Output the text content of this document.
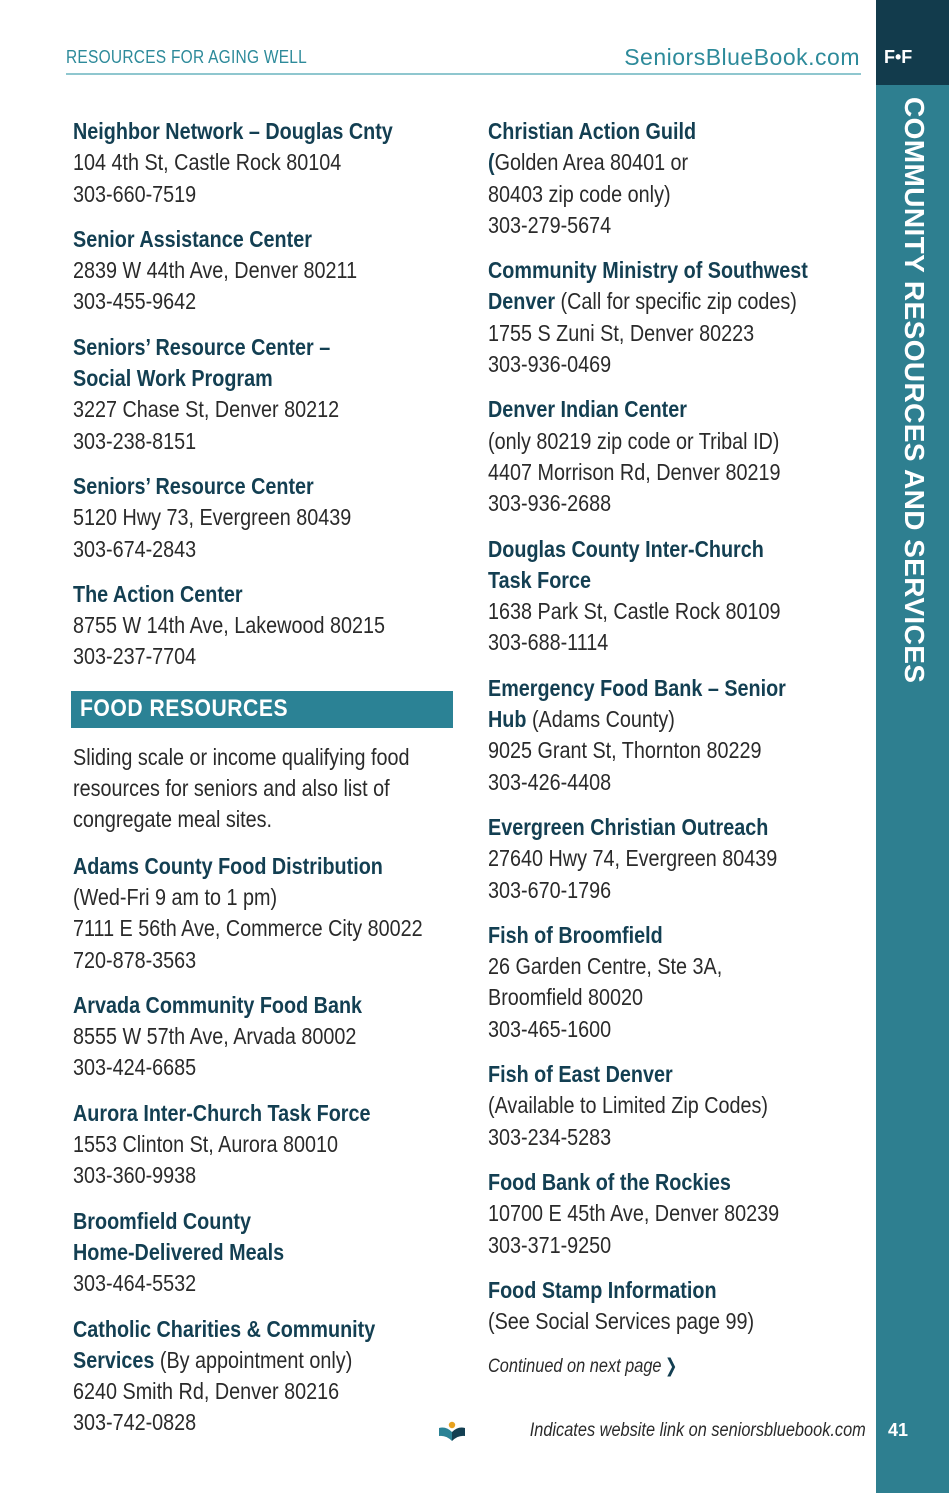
RESOURCES FOR AGING WELL	SeniorsBlueBook.com
Neighbor Network – Douglas Cnty
104 4th St, Castle Rock 80104
303-660-7519
Senior Assistance Center
2839 W 44th Ave, Denver 80211
303-455-9642
Seniors’ Resource Center –
Social Work Program
3227 Chase St, Denver 80212
303-238-8151
Seniors’ Resource Center
5120 Hwy 73, Evergreen 80439
303-674-2843
The Action Center
8755 W 14th Ave, Lakewood 80215
303-237-7704
FOOD RESOURCES
Sliding scale or income qualifying food
resources for seniors and also list of
congregate meal sites.
Adams County Food Distribution
(Wed-Fri 9 am to 1 pm)
7111 E 56th Ave, Commerce City 80022
720-878-3563
Arvada Community Food Bank
8555 W 57th Ave, Arvada 80002
303-424-6685
Aurora Inter-Church Task Force
1553 Clinton St, Aurora 80010
303-360-9938
Broomfield County
Home-Delivered Meals
303-464-5532
Catholic Charities & Community
Services (By appointment only)
6240 Smith Rd, Denver 80216
303-742-0828
Christian Action Guild
(Golden Area 80401 or
80403 zip code only)
303-279-5674
Community Ministry of Southwest
Denver (Call for specific zip codes)
1755 S Zuni St, Denver 80223
303-936-0469
Denver Indian Center
(only 80219 zip code or Tribal ID)
4407 Morrison Rd, Denver 80219
303-936-2688
Douglas County Inter-Church
Task Force
1638 Park St, Castle Rock 80109
303-688-1114
Emergency Food Bank – Senior
Hub (Adams County)
9025 Grant St, Thornton 80229
303-426-4408
Evergreen Christian Outreach
27640 Hwy 74, Evergreen 80439
303-670-1796
Fish of Broomfield
26 Garden Centre, Ste 3A,
Broomfield 80020
303-465-1600
Fish of East Denver
(Available to Limited Zip Codes)
303-234-5283
Food Bank of the Rockies
10700 E 45th Ave, Denver 80239
303-371-9250
Food Stamp Information
(See Social Services page 99)
Continued on next page ❯
Indicates website link on seniorsbluebook.com
F•F
COMMUNITY RESOURCES AND SERVICES
41
